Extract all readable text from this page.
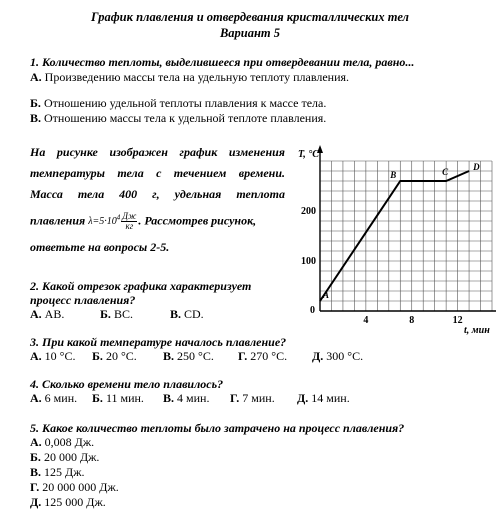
График плавления и отвердевания кристаллических тел

Вариант 5

1. Количество теплоты, выделившееся при отвердевании тела, равно...

А. Произведению массы тела на удельную теплоту плавления.

Б. Отношению удельной теплоты плавления к массе тела.

В. Отношению массы тела к удельной теплоте плавления.

На рисунке изображен график изменения

температуры тела с течением времени.

Масса тела 400 г, удельная теплота

плавления $\lambda=5\cdot 10^4 \frac{Дж}{кг}$ . Рассмотрев рисунок,

ответьте на вопросы 2-5.

T, °C
t, мин
0
4	8	12
100
200
A
B	C	D

2. Какой отрезок графика характеризует

процесс плавления?

А. AB.	Б. BC.	В. CD.

3. При какой температуре началось плавление?

А. 10 °С. Б. 20 °С. В. 250 °С. Г. 270 °С. Д. 300 °С.

4. Сколько времени тело плавилось?

А. 6 мин. Б. 11 мин. В. 4 мин. Г. 7 мин. Д. 14 мин.

5. Какое количество теплоты было затрачено на процесс плавления?

А. 0,008 Дж.

Б. 20 000 Дж.

В. 125 Дж.

Г. 20 000 000 Дж.

Д. 125 000 Дж.
